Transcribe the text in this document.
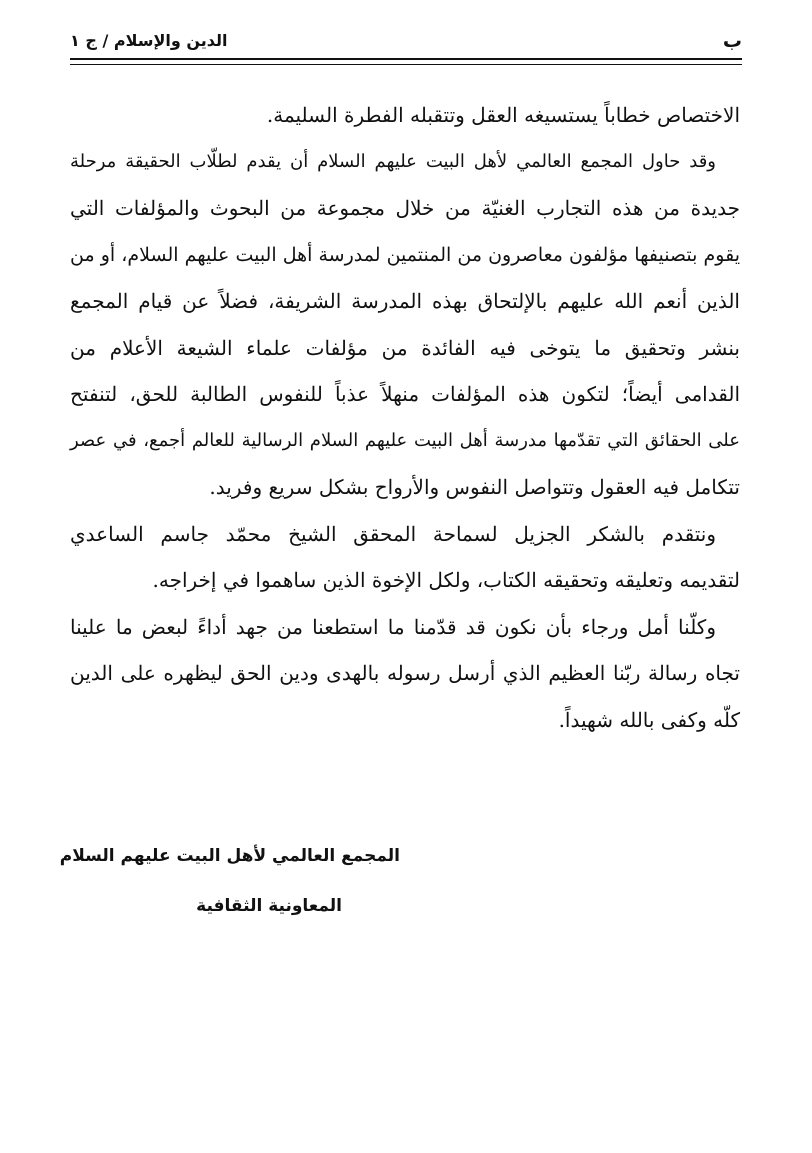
ب
الدين والإسلام / ج ١
الاختصاص خطاباً يستسيغه العقل وتتقبله الفطرة السليمة.
وقد حاول المجمع العالمي لأهل البيت عليهم السلام أن يقدم لطلّاب الحقيقة مرحلة
جديدة من هذه التجارب الغنيّة من خلال مجموعة من البحوث والمؤلفات التي
يقوم بتصنيفها مؤلفون معاصرون من المنتمين لمدرسة أهل البيت عليهم السلام، أو من
الذين أنعم الله عليهم بالإلتحاق بهذه المدرسة الشريفة، فضلاً عن قيام المجمع
بنشر وتحقيق ما يتوخى فيه الفائدة من مؤلفات علماء الشيعة الأعلام من
القدامى أيضاً؛ لتكون هذه المؤلفات منهلاً عذباً للنفوس الطالبة للحق، لتنفتح
على الحقائق التي تقدّمها مدرسة أهل البيت عليهم السلام الرسالية للعالم أجمع، في عصر
تتكامل فيه العقول وتتواصل النفوس والأرواح بشكل سريع وفريد.
ونتقدم بالشكر الجزيل لسماحة المحقق الشيخ محمّد جاسم الساعدي
لتقديمه وتعليقه وتحقيقه الكتاب، ولكل الإخوة الذين ساهموا في إخراجه.
وكلّنا أمل ورجاء بأن نكون قد قدّمنا ما استطعنا من جهد أداءً لبعض ما علينا
تجاه رسالة ربّنا العظيم الذي أرسل رسوله بالهدى ودين الحق ليظهره على الدين
كلّه وكفى بالله شهيداً.
المجمع العالمي لأهل البيت عليهم السلام
المعاونية الثقافية
